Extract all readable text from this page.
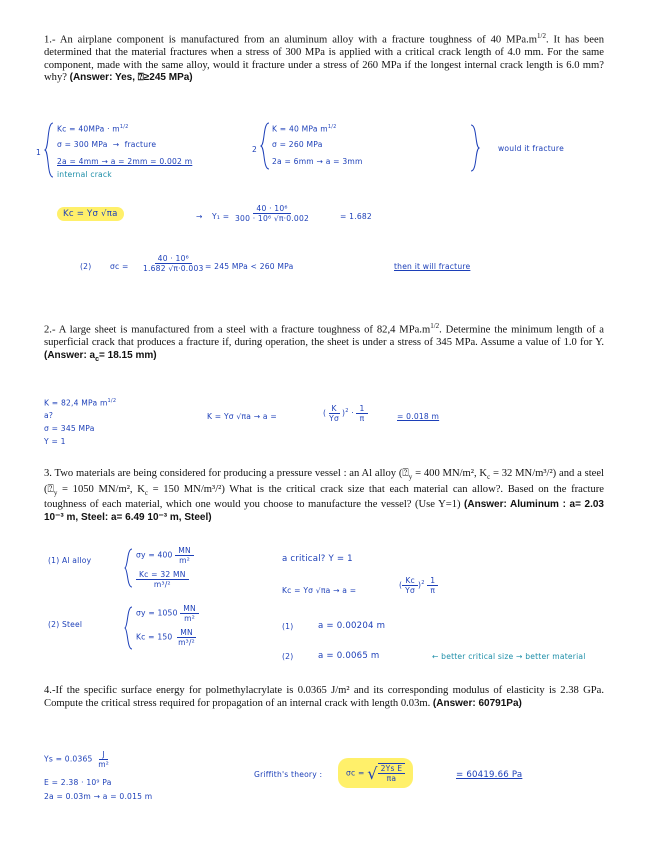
1.- An airplane component is manufactured from an aluminum alloy with a fracture toughness of 40 $MPa.m^{1/2}$. It has been determined that the material fractures when a stress of 300 MPa is applied with a critical crack length of 4.0 mm. For the same component, made with the same alloy, would it fracture under a stress of 260 MPa if the longest internal crack length is 6.0 mm? why? (Answer: Yes, ⍰≥245 MPa)
1
$Kc = 40MPa \cdot m^{1/2}$
σ = 300 MPa  →  fracture
2a = 4mm → a = 2mm = 0.002 m
internal crack
2
K = 40 MPa $m^{1/2}$
σ = 260 MPa
2a = 6mm → a = 3mm
would it fracture
Kc = Yσ √πa	→ $Y_1 = \frac{\text{40 · 10⁶}}{\text{300 · 10⁶ √π·0.002}}$	= 1.682
(2) $\sigma c = \frac{\text{40 · 10⁶}}{1.682 √\pi\cdot 0.003}$
= 245 MPa < 260 MPa	then it will fracture
2.- A large sheet is manufactured from a steel with a fracture toughness of 82,4 $MPa.m^{1/2}$. Determine the minimum length of a superficial crack that produces a fracture if, during operation, the sheet is under a stress of 345 MPa. Assume a value of 1.0 for Y. (Answer: $a_c= 18.15$ mm)
K = 82,4 MPa $m^{1/2}$
a?
σ = 345 MPa
Y = 1
K = Yσ √πa → a =	( $\frac{K}{Y\sigma} )^2 \cdot \frac{1}{\pi}$	= 0.018 m
3. Two materials are being considered for producing a pressure vessel : an Al alloy ($⍰_y = 400$ MN/m², $K_c = 32$ MN/m³/²) and a steel ($⍰_y = 1050$ MN/m², $K_c = 150$ MN/m³/²) What is the critical crack size that each material can allow?. Based on the fracture toughness of each material, which one would you choose to manufacture the vessel? (Use Y=1) (Answer: Aluminum : a= 2.03 10⁻³ m, Steel: a= 6.49 10⁻³ m, Steel)
(1) Al alloy
$\sigma y = 400 \frac{MN}{\text{m²}}$
$\frac{Kc = 32 MN}{\text{m³/²}}$
(2) Steel
$\sigma y = 1050 \frac{MN}{\text{m²}}$
$Kc = 150 \frac{MN}{\text{m³/²}}$
a critical? Y = 1
Kc = Yσ √πa → a =
( $\frac{Kc}{Y\sigma} )^2 \frac{1}{\pi}$
(1)	a = 0.00204 m
(2)	a = 0.0065 m	← better critical size → better material
4.-If the specific surface energy for polmethylacrylate is 0.0365 J/m² and its corresponding modulus of elasticity is 2.38 GPa. Compute the critical stress required for propagation of an internal crack with length 0.03m. (Answer: 60791Pa)
$Ys = 0.0365 \frac{J}{\text{m²}}$
E = 2.38 · 10⁹ Pa
2a = 0.03m → a = 0.015 m
Griffith's theory :	σc = √ $\frac{\text{2Ys E}}{\pi a}$	= 60419.66 Pa
